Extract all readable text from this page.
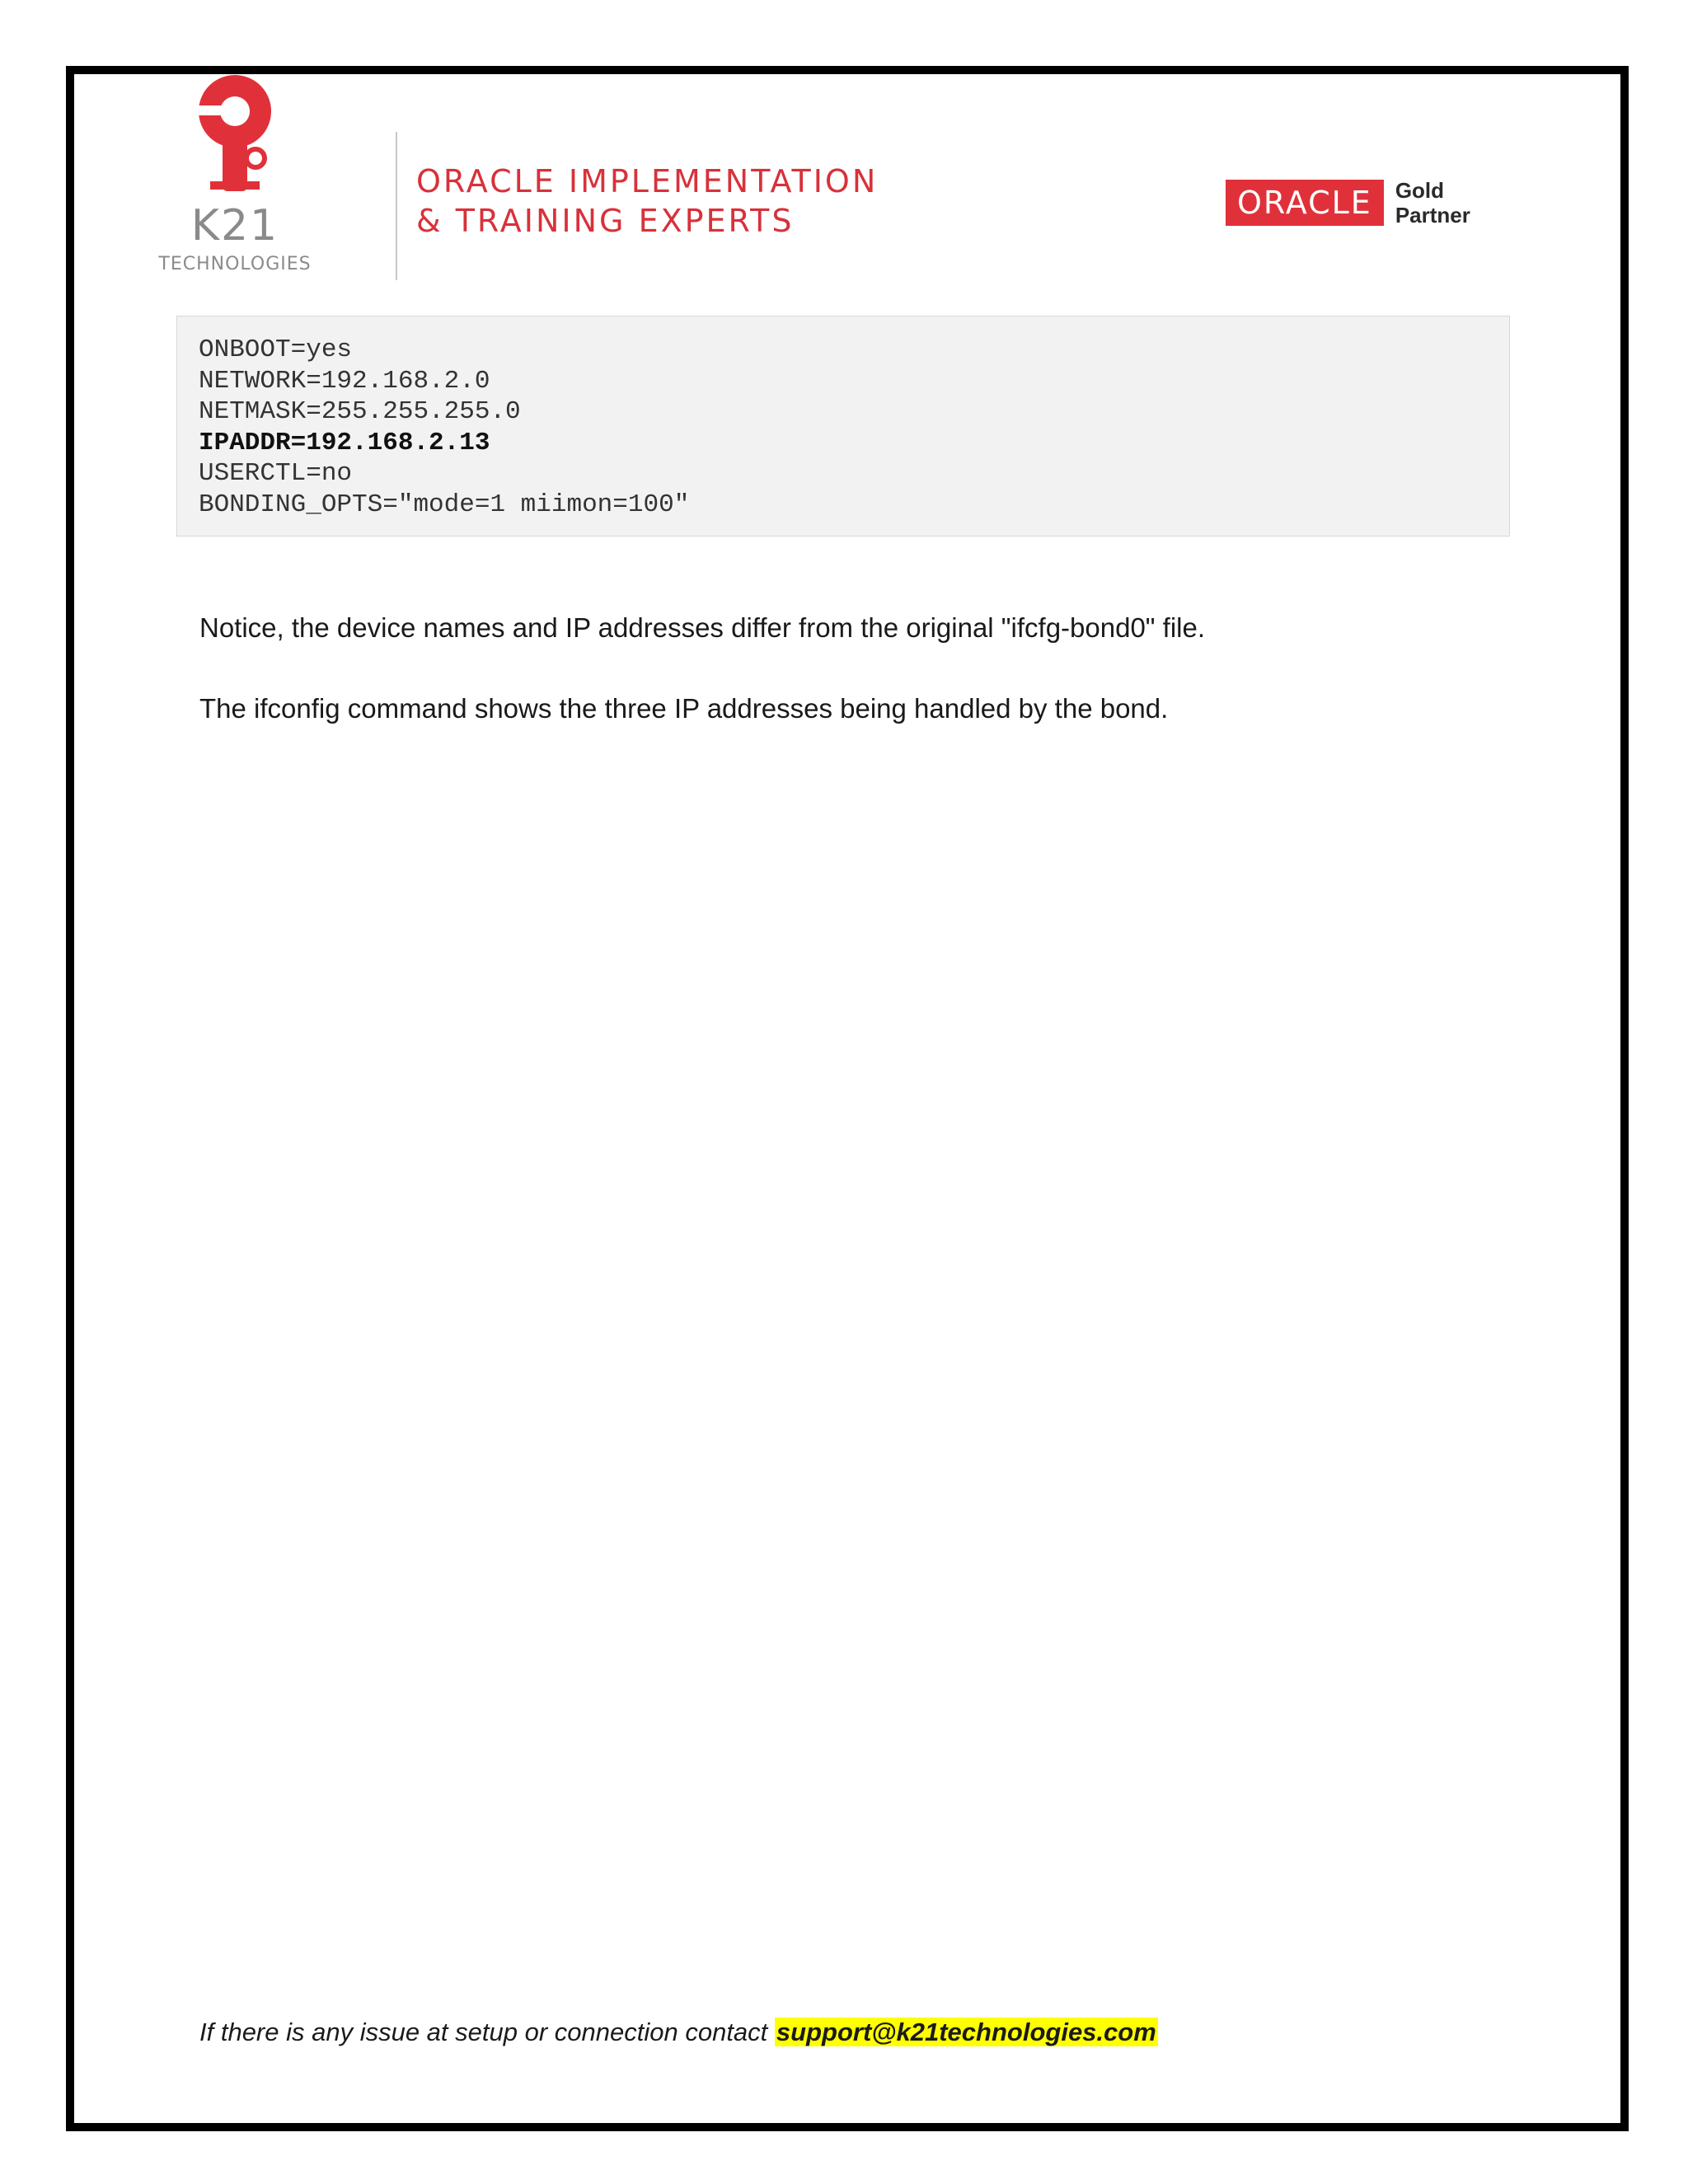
K21
TECHNOLOGIES
ORACLE IMPLEMENTATION
& TRAINING EXPERTS	ORACLE	Gold
Partner
ONBOOT=yes
NETWORK=192.168.2.0
NETMASK=255.255.255.0
IPADDR=192.168.2.13
USERCTL=no
BONDING_OPTS="mode=1 miimon=100"
Notice, the device names and IP addresses differ from the original "ifcfg-bond0" file.
The ifconfig command shows the three IP addresses being handled by the bond.
If there is any issue at setup or connection contact support@k21technologies.com
